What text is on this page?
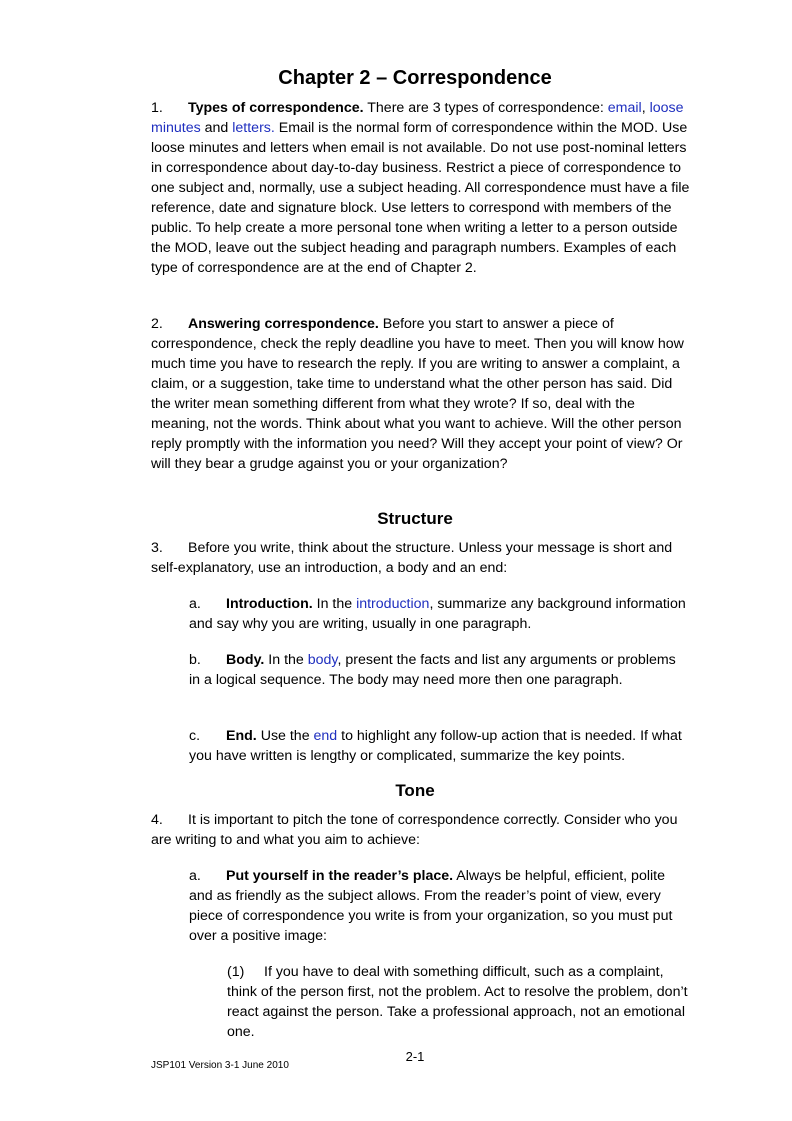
Chapter 2 – Correspondence
1. Types of correspondence. There are 3 types of correspondence: email, loose minutes and letters. Email is the normal form of correspondence within the MOD. Use loose minutes and letters when email is not available. Do not use post-nominal letters in correspondence about day-to-day business. Restrict a piece of correspondence to one subject and, normally, use a subject heading. All correspondence must have a file reference, date and signature block. Use letters to correspond with members of the public. To help create a more personal tone when writing a letter to a person outside the MOD, leave out the subject heading and paragraph numbers. Examples of each type of correspondence are at the end of Chapter 2.
2. Answering correspondence. Before you start to answer a piece of correspondence, check the reply deadline you have to meet. Then you will know how much time you have to research the reply. If you are writing to answer a complaint, a claim, or a suggestion, take time to understand what the other person has said. Did the writer mean something different from what they wrote? If so, deal with the meaning, not the words. Think about what you want to achieve. Will the other person reply promptly with the information you need? Will they accept your point of view? Or will they bear a grudge against you or your organization?
Structure
3. Before you write, think about the structure. Unless your message is short and self-explanatory, use an introduction, a body and an end:
a. Introduction. In the introduction, summarize any background information and say why you are writing, usually in one paragraph.
b. Body. In the body, present the facts and list any arguments or problems in a logical sequence. The body may need more then one paragraph.
c. End. Use the end to highlight any follow-up action that is needed. If what you have written is lengthy or complicated, summarize the key points.
Tone
4. It is important to pitch the tone of correspondence correctly. Consider who you are writing to and what you aim to achieve:
a. Put yourself in the reader’s place. Always be helpful, efficient, polite and as friendly as the subject allows. From the reader’s point of view, every piece of correspondence you write is from your organization, so you must put over a positive image:
(1) If you have to deal with something difficult, such as a complaint, think of the person first, not the problem. Act to resolve the problem, don’t react against the person. Take a professional approach, not an emotional one.
2-1
JSP101 Version 3-1 June 2010
